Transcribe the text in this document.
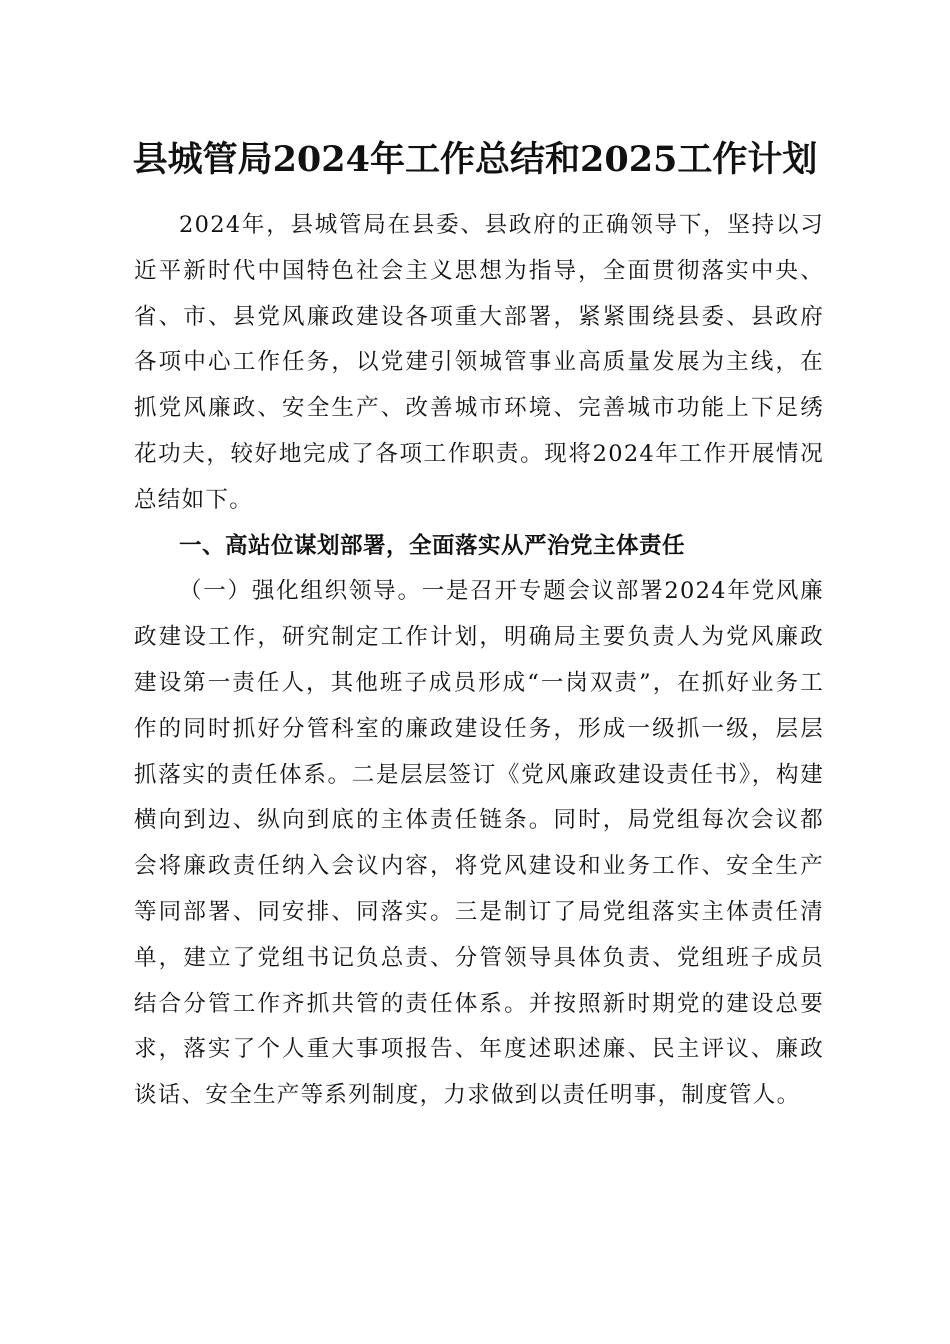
县城管局2024年工作总结和2025工作计划

2024年，县城管局在县委、县政府的正确领导下，坚持以习近平新时代中国特色社会主义思想为指导，全面贯彻落实中央、省、市、县党风廉政建设各项重大部署，紧紧围绕县委、县政府各项中心工作任务，以党建引领城管事业高质量发展为主线，在抓党风廉政、安全生产、改善城市环境、完善城市功能上下足绣花功夫，较好地完成了各项工作职责。现将2024年工作开展情况总结如下。

一、高站位谋划部署，全面落实从严治党主体责任

（一）强化组织领导。一是召开专题会议部署2024年党风廉政建设工作，研究制定工作计划，明确局主要负责人为党风廉政建设第一责任人，其他班子成员形成“一岗双责”，在抓好业务工作的同时抓好分管科室的廉政建设任务，形成一级抓一级，层层抓落实的责任体系。二是层层签订《党风廉政建设责任书》，构建横向到边、纵向到底的主体责任链条。同时，局党组每次会议都会将廉政责任纳入会议内容，将党风建设和业务工作、安全生产等同部署、同安排、同落实。三是制订了局党组落实主体责任清单，建立了党组书记负总责、分管领导具体负责、党组班子成员结合分管工作齐抓共管的责任体系。并按照新时期党的建设总要求，落实了个人重大事项报告、年度述职述廉、民主评议、廉政谈话、安全生产等系列制度，力求做到以责任明事，制度管人。
